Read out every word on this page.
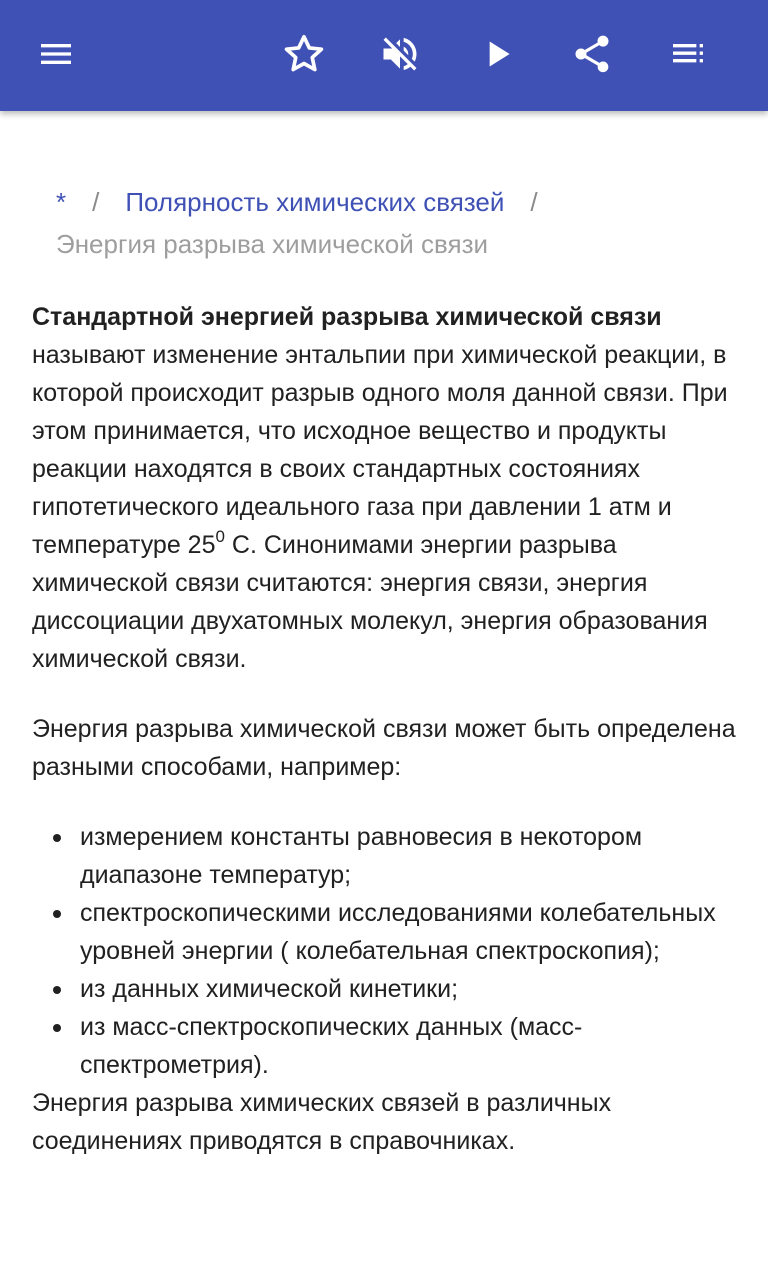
* / Полярность химических связей /
Энергия разрыва химической связи

Стандартной энергией разрыва химической связи называют изменение энтальпии при химической реакции, в которой происходит разрыв одного моля данной связи. При этом принимается, что исходное вещество и продукты реакции находятся в своих стандартных состояниях гипотетического идеального газа при давлении 1 атм и температуре $25^0$ С. Синонимами энергии разрыва химической связи считаются: энергия связи, энергия диссоциации двухатомных молекул, энергия образования химической связи.

Энергия разрыва химической связи может быть определена разными способами, например:

измерением константы равновесия в некотором диапазоне температур;
спектроскопическими исследованиями колебательных уровней энергии ( колебательная спектроскопия);
из данных химической кинетики;
из масс-спектроскопических данных (масс-спектрометрия).

Энергия разрыва химических связей в различных соединениях приводятся в справочниках.
